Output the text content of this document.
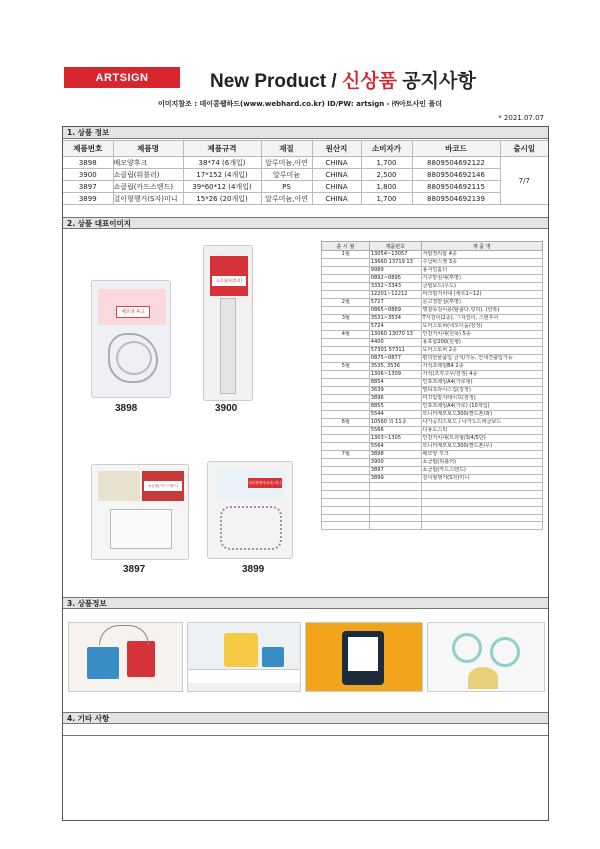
ARTSIGN	New Product / 신상품 공지사항
이미지참조 : 데이콤웹하드(www.webhard.co.kr) ID/PW: artsign - ㈜아트사인 폴더
* 2021.07.07
1. 상품 정보
제품번호	제품명	제품규격	재질	원산지	소비자가	바코드	출시일
3898	배모양후크	38*74 (6개입)	알루미늄,아연	CHINA	1,700	8809504692122	7/7
3900	쇼클립(워블러)	17*152 (4개입)	알루미늄	CHINA	2,500	8809504692146	
3897	쇼클립(카드스탠드)	39*60*12 (4개입)	PS	CHINA	1,800	8809504692115	
3899	걸이형행거(S자)미니	15*26 (20개입)	알루미늄,아연	CHINA	1,700	8809504692139	
2. 상품 대표이미지
배모양 후크
3898
쇼클립(워블러)
3900
쇼클립(카드스탠드)
3897
걸이형행거(S자) 미니
3899
출 시 월	제품번호	제 품 명
1월	13054~13057	서랍정리함 4종
	13660 13719 13	수납바스켓 3종
	9989	용서인홀더
	0892~0895	가구받침대(투명)
	3332~3343	클립보드(우드)
	12201~12212	마크릴거치대 (세트1~12)
2월	5727	문고정받침(투명)
	0865~0869	명찰목걸이용(탈출다.링리), (한복)
3월	3531~3534	T자걸이(2종), ㄱ자걸이, 스탠후이
	5724	도어스토퍼(네오디움/검정)
4월	13060 13070 13	인감거치대(원목) 5종
	4400	용포함200(원형)
	57301 57311	도어스토퍼 2종
	0875~0877	편리한물품입 금지/가능, 안내견출입가능
5월	3535, 3536	자석프레임B4 2종
	1306~1309	자석(조각고무/검정) 4종
	8854	인포프레임A4(가로형)
	3639	멀티프라이스집(검정)
	3896	미끄럼방지테이프(검정)
	8855	인포프레임A4(가로) (10개입)
	5544	모니터메모보드300(핸드폰/좌)
6월	10560 외 11종	나가공리스보드 / 나가노드써클보드
	5566	다용도스틱
	1303~1305	인감거치대(트리형/3/4/5단)
	5564	모니터메모보드300(핸드폰/우)
7월	3898	배모양 후크
	3900	쇼클립(워블러)
	3897	쇼클립(카드스탠드)
	3899	걸이형행거(S자)미니

3. 상품정보
4. 기타 사항
